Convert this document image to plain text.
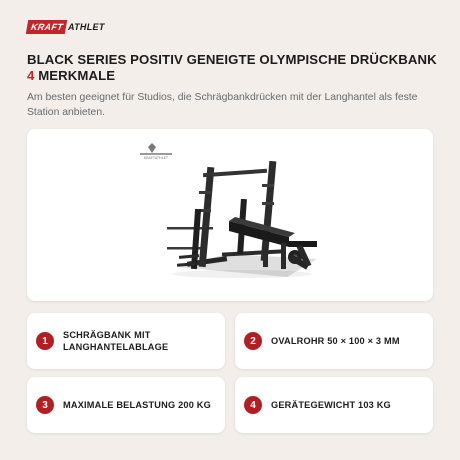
KRAFT ATHLET
BLACK SERIES POSITIV GENEIGTE OLYMPISCHE DRÜCKBANK
4 MERKMALE
Am besten geeignet für Studios, die Schrägbankdrücken mit der Langhantel als feste Station anbieten.
KRAFTATHLET
1
SCHRÄGBANK MIT LANGHANTELABLAGE
2	OVALROHR 50 × 100 × 3 MM
3	MAXIMALE BELASTUNG 200 KG	4	GERÄTEGEWICHT 103 KG
